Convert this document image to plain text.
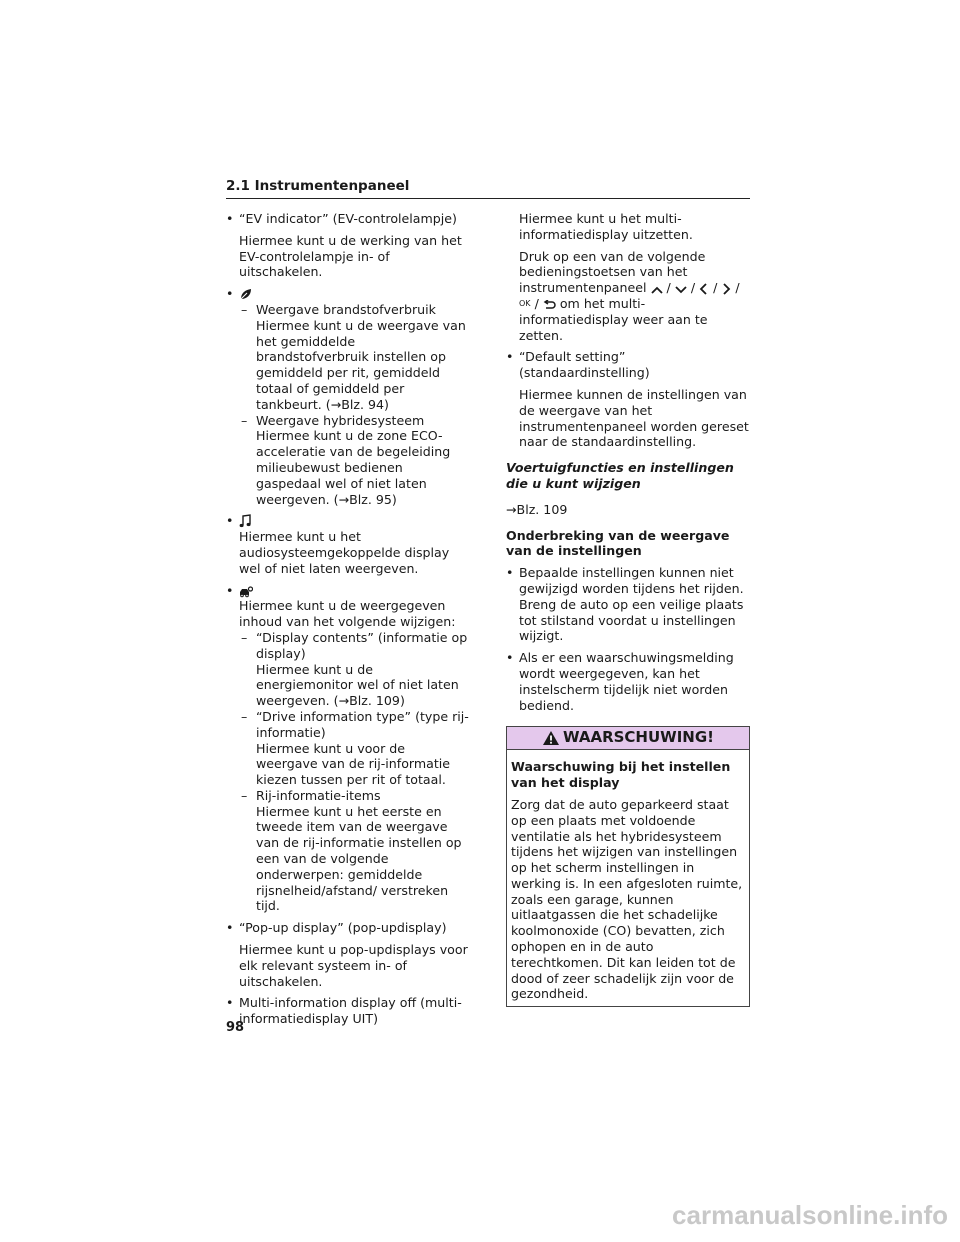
2.1 Instrumentenpaneel

• “EV indicator” (EV-controlelampje)

Hiermee kunt u de werking van het EV-controlelampje in- of uitschakelen.

•

– Weergave brandstofverbruik Hiermee kunt u de weergave van het gemiddelde brandstofverbruik instellen op gemiddeld per rit, gemiddeld totaal of gemiddeld per tankbeurt. (→Blz. 94)

– Weergave hybridesysteem Hiermee kunt u de zone ECO-acceleratie van de begeleiding milieubewust bedienen gaspedaal wel of niet laten weergeven. (→Blz. 95)

•

Hiermee kunt u het audiosysteemgekoppelde display wel of niet laten weergeven.

•

Hiermee kunt u de weergegeven inhoud van het volgende wijzigen:

– “Display contents” (informatie op display)

Hiermee kunt u de energiemonitor wel of niet laten weergeven. (→Blz. 109)

– “Drive information type” (type rij-informatie)

Hiermee kunt u voor de weergave van de rij-informatie kiezen tussen per rit of totaal.

– Rij-informatie-items

Hiermee kunt u het eerste en tweede item van de weergave van de rij-informatie instellen op een van de volgende onderwerpen: gemiddelde rijsnelheid/afstand/ verstreken tijd.

• “Pop-up display” (pop-updisplay)

Hiermee kunt u pop-updisplays voor elk relevant systeem in- of uitschakelen.

• Multi-information display off (multi-informatiedisplay UIT)

Hiermee kunt u het multi-informatiedisplay uitzetten.

Druk op een van de volgende bedieningstoetsen van het instrumentenpaneel / / / / OK / om het multi-informatiedisplay weer aan te zetten.

• “Default setting” (standaardinstelling)

Hiermee kunnen de instellingen van de weergave van het instrumentenpaneel worden gereset naar de standaardinstelling.

Voertuigfuncties en instellingen die u kunt wijzigen

→Blz. 109

Onderbreking van de weergave van de instellingen

• Bepaalde instellingen kunnen niet gewijzigd worden tijdens het rijden. Breng de auto op een veilige plaats tot stilstand voordat u instellingen wijzigt.

• Als er een waarschuwingsmelding wordt weergegeven, kan het instelscherm tijdelijk niet worden bediend.

WAARSCHUWING!

Waarschuwing bij het instellen van het display

Zorg dat de auto geparkeerd staat op een plaats met voldoende ventilatie als het hybridesysteem tijdens het wijzigen van instellingen op het scherm instellingen in werking is. In een afgesloten ruimte, zoals een garage, kunnen uitlaatgassen die het schadelijke koolmonoxide (CO) bevatten, zich ophopen en in de auto terechtkomen. Dit kan leiden tot de dood of zeer schadelijk zijn voor de gezondheid.

98
carmanualsonline.info
